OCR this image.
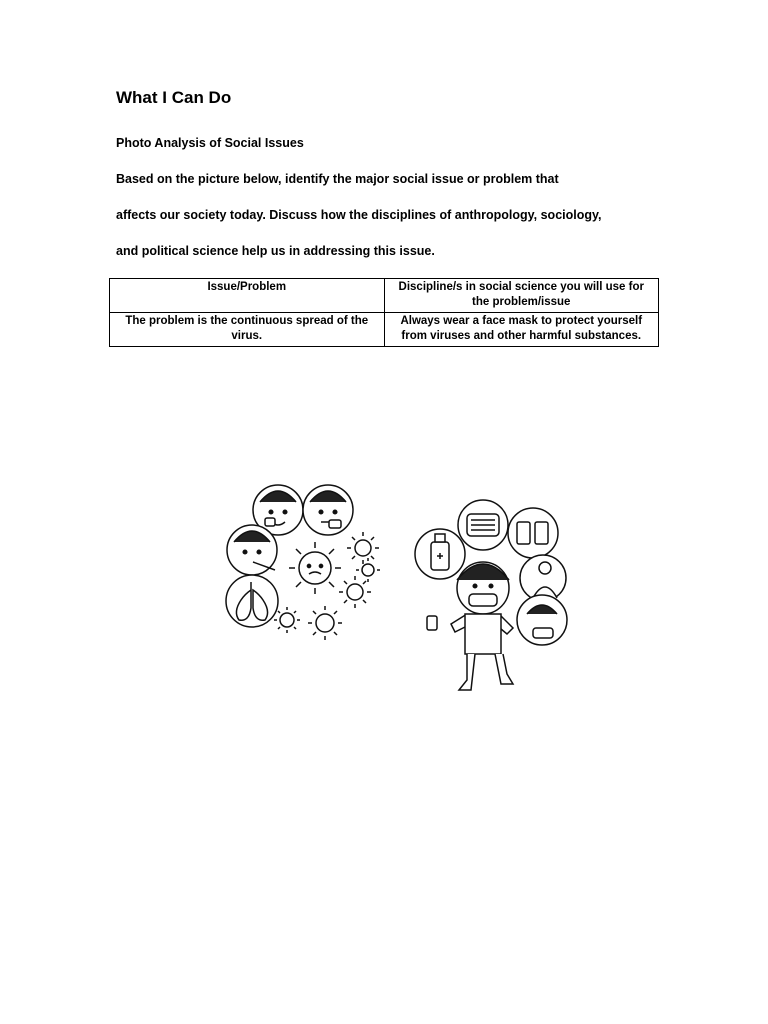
What I Can Do
Photo Analysis of Social Issues

Based on the picture below, identify the major social issue or problem that

affects our society today. Discuss how the disciplines of anthropology, sociology,

and political science help us in addressing this issue.

Issue/Problem	Discipline/s in social science you will use for the problem/issue
The problem is the continuous spread of the virus.	Always wear a face mask to protect yourself from viruses and other harmful substances.
